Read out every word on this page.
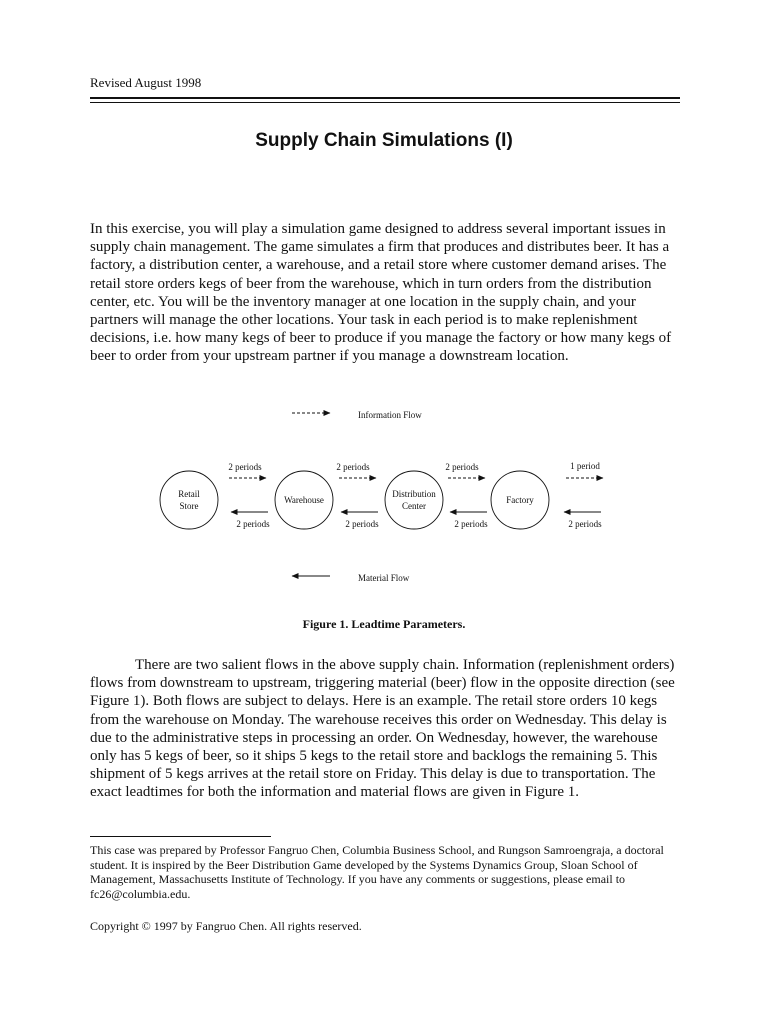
Revised August 1998
Supply Chain Simulations (I)

In this exercise, you will play a simulation game designed to address several important issues in supply chain management. The game simulates a firm that produces and distributes beer. It has a factory, a distribution center, a warehouse, and a retail store where customer demand arises. The retail store orders kegs of beer from the warehouse, which in turn orders from the distribution center, etc. You will be the inventory manager at one location in the supply chain, and your partners will manage the other locations. Your task in each period is to make replenishment decisions, i.e. how many kegs of beer to produce if you manage the factory or how many kegs of beer to order from your upstream partner if you manage a downstream location.

Information Flow
Retail
Store
Warehouse
Distribution
Center
Factory
2 periods	2 periods	2 periods	1 period
2 periods	2 periods	2 periods	2 periods
Material Flow
Figure 1. Leadtime Parameters.

There are two salient flows in the above supply chain. Information (replenishment orders) flows from downstream to upstream, triggering material (beer) flow in the opposite direction (see Figure 1). Both flows are subject to delays. Here is an example. The retail store orders 10 kegs from the warehouse on Monday. The warehouse receives this order on Wednesday. This delay is due to the administrative steps in processing an order. On Wednesday, however, the warehouse only has 5 kegs of beer, so it ships 5 kegs to the retail store and backlogs the remaining 5. This shipment of 5 kegs arrives at the retail store on Friday. This delay is due to transportation. The exact leadtimes for both the information and material flows are given in Figure 1.

This case was prepared by Professor Fangruo Chen, Columbia Business School, and Rungson Samroengraja, a doctoral student. It is inspired by the Beer Distribution Game developed by the Systems Dynamics Group, Sloan School of Management, Massachusetts Institute of Technology. If you have any comments or suggestions, please email to fc26@columbia.edu.

Copyright © 1997 by Fangruo Chen. All rights reserved.
